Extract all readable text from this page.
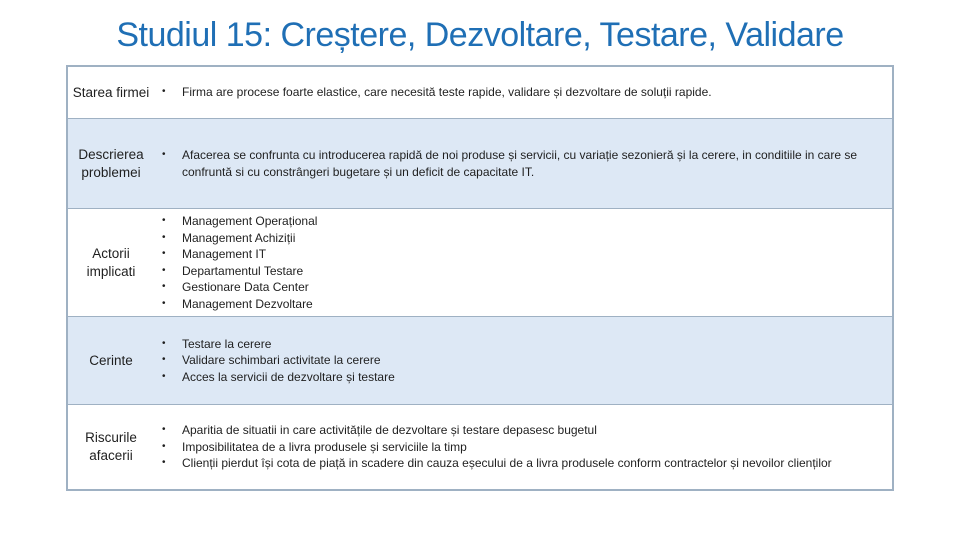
Studiul 15: Creștere, Dezvoltare, Testare, Validare
Starea firmei	•	Firma are procese foarte elastice, care necesită teste rapide, validare și dezvoltare de soluții rapide.
Descrierea problemei
•	Afacerea se confrunta cu introducerea rapidă de noi produse și servicii, cu variație sezonieră și la cerere, in conditiile in care se confruntă si cu constrângeri bugetare și un deficit de capacitate IT.
Actorii implicati
•	Management Operațional
•	Management Achiziții
•	Management IT
•	Departamentul Testare
•	Gestionare Data Center
•	Management Dezvoltare
Cerinte
•	Testare la cerere
•	Validare schimbari activitate la cerere
•	Acces la servicii de dezvoltare și testare
Riscurile afacerii
•	Aparitia de situatii in care activitățile de dezvoltare și testare depasesc bugetul
•	Imposibilitatea de a livra produsele și serviciile la timp
•	Clienții pierdut își cota de piață in scadere din cauza eșecului de a livra produsele conform contractelor și nevoilor clienților
